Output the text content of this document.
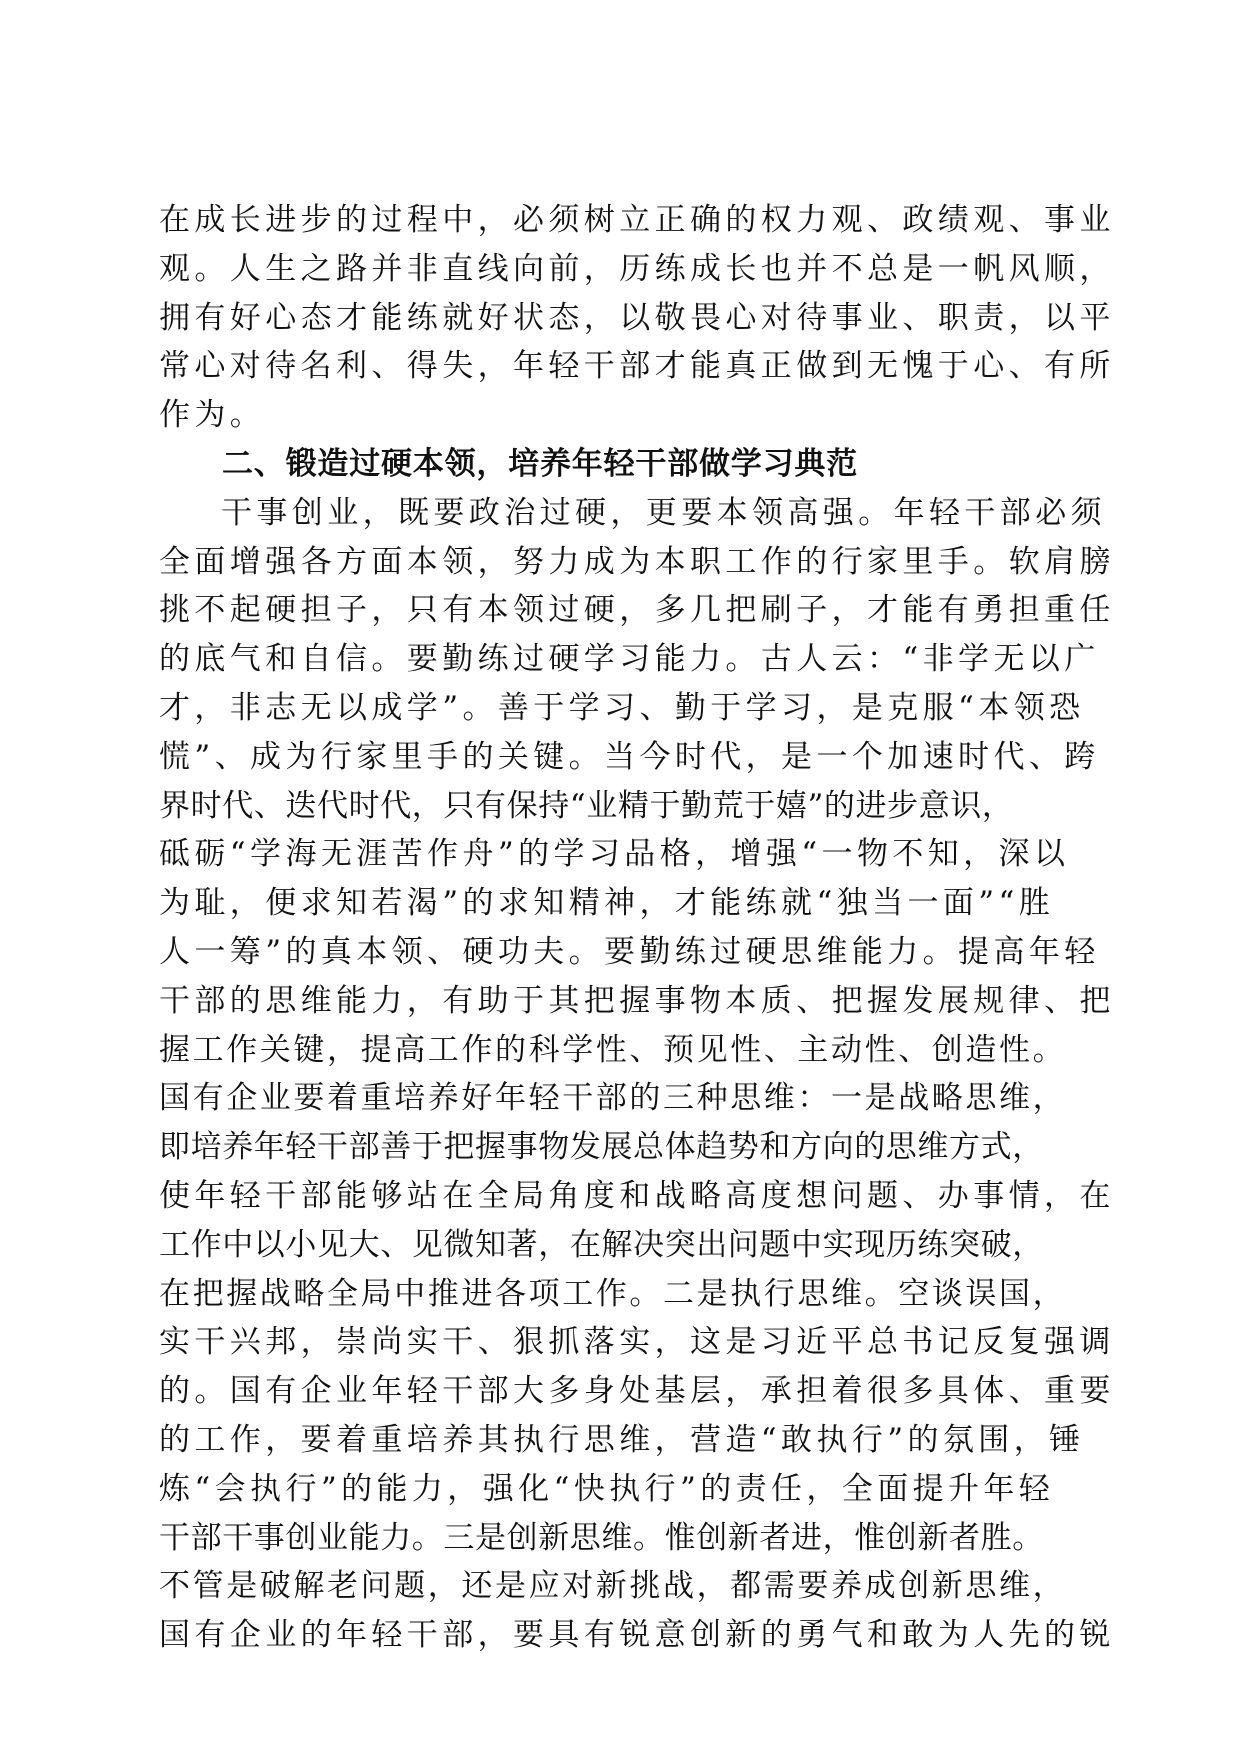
在成长进步的过程中，必须树立正确的权力观、政绩观、事业
观。人生之路并非直线向前，历练成长也并不总是一帆风顺，
拥有好心态才能练就好状态，以敬畏心对待事业、职责，以平
常心对待名利、得失，年轻干部才能真正做到无愧于心、有所
作为。
二、锻造过硬本领，培养年轻干部做学习典范
干事创业，既要政治过硬，更要本领高强。年轻干部必须
全面增强各方面本领，努力成为本职工作的行家里手。软肩膀
挑不起硬担子，只有本领过硬，多几把刷子，才能有勇担重任
的底气和自信。要勤练过硬学习能力。古人云：“非学无以广
才，非志无以成学”。善于学习、勤于学习，是克服“本领恐
慌”、成为行家里手的关键。当今时代，是一个加速时代、跨
界时代、迭代时代，只有保持“业精于勤荒于嬉”的进步意识，
砥砺“学海无涯苦作舟”的学习品格，增强“一物不知，深以
为耻，便求知若渴”的求知精神，才能练就“独当一面”“胜
人一筹”的真本领、硬功夫。要勤练过硬思维能力。提高年轻
干部的思维能力，有助于其把握事物本质、把握发展规律、把
握工作关键，提高工作的科学性、预见性、主动性、创造性。
国有企业要着重培养好年轻干部的三种思维：一是战略思维，
即培养年轻干部善于把握事物发展总体趋势和方向的思维方式，
使年轻干部能够站在全局角度和战略高度想问题、办事情，在
工作中以小见大、见微知著，在解决突出问题中实现历练突破，
在把握战略全局中推进各项工作。二是执行思维。空谈误国，
实干兴邦，崇尚实干、狠抓落实，这是习近平总书记反复强调
的。国有企业年轻干部大多身处基层，承担着很多具体、重要
的工作，要着重培养其执行思维，营造“敢执行”的氛围，锤
炼“会执行”的能力，强化“快执行”的责任，全面提升年轻
干部干事创业能力。三是创新思维。惟创新者进，惟创新者胜。
不管是破解老问题，还是应对新挑战，都需要养成创新思维，
国有企业的年轻干部，要具有锐意创新的勇气和敢为人先的锐
